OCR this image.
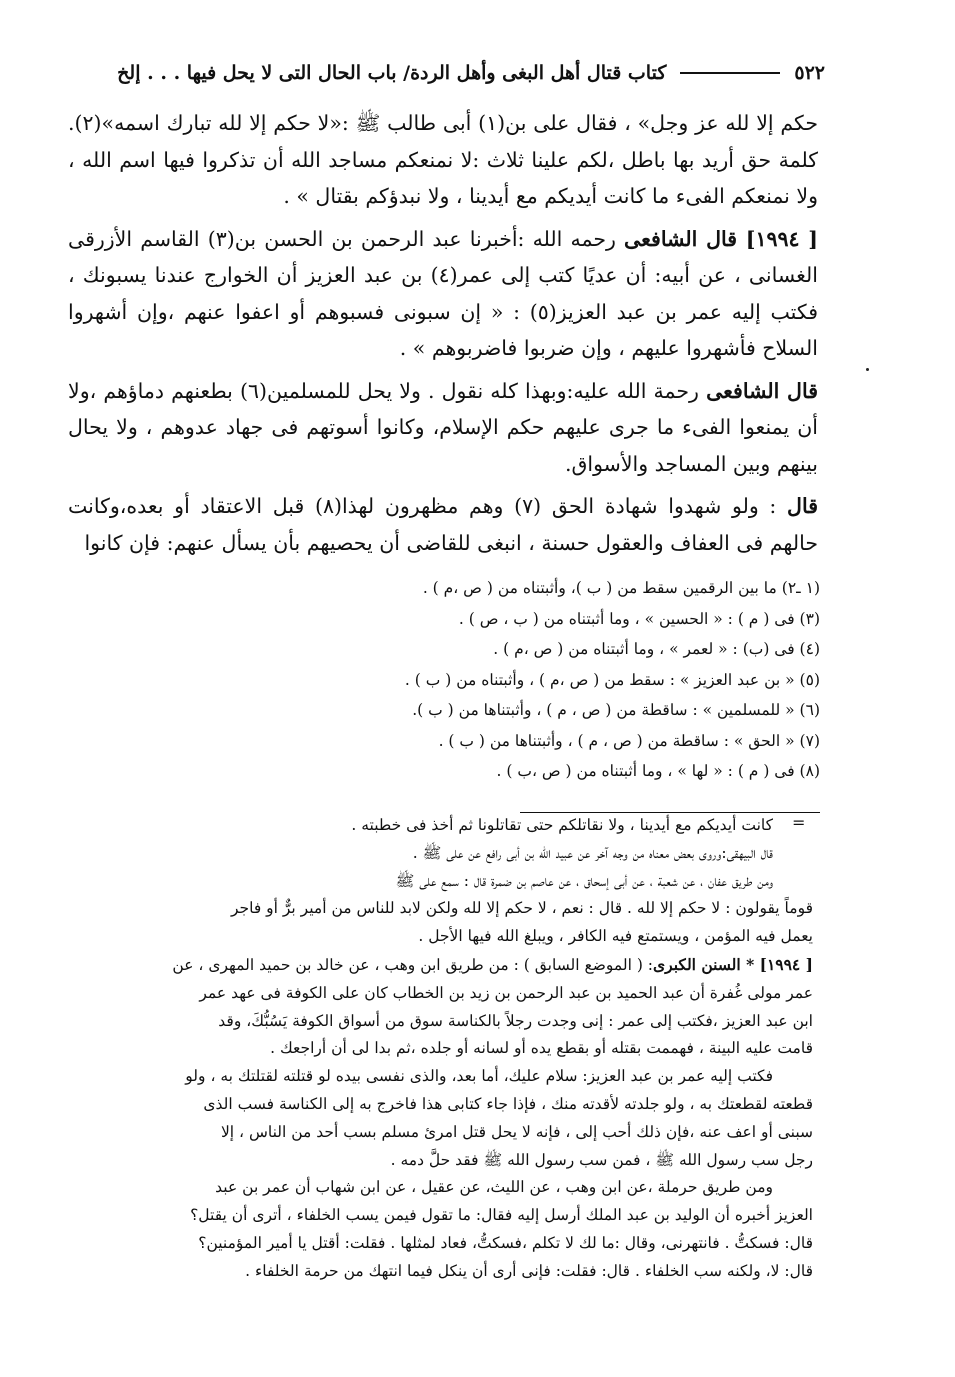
٥٢٢
كتاب قتال أهل البغى وأهل الردة/ باب الحال التى لا يحل فيها . . . إلخ

حكم إلا لله عز وجل» ، فقال على بن(١) أبى طالب ﷺ :«لا حكم إلا لله تبارك اسمه»(٢). كلمة حق أريد بها باطل ،لكم علينا ثلاث :لا نمنعكم مساجد الله أن تذكروا فيها اسم الله ، ولا نمنعكم الفىء ما كانت أيديكم مع أيدينا ، ولا نبدؤكم بقتال » .

[ ١٩٩٤] قال الشافعى رحمه الله :أخبرنا عبد الرحمن بن الحسن بن(٣) القاسم الأزرقى الغسانى ، عن أبيه: أن عديًا كتب إلى عمر(٤) بن عبد العزيز أن الخوارج عندنا يسبونك ، فكتب إليه عمر بن عبد العزيز(٥) : « إن سبونى فسبوهم أو اعفوا عنهم ،وإن أشهروا السلاح فأشهروا عليهم ، وإن ضربوا فاضربوهم » .

قال الشافعى رحمة الله عليه:وبهذا كله نقول . ولا يحل للمسلمين(٦) بطعنهم دماؤهم ،ولا أن يمنعوا الفىء ما جرى عليهم حكم الإسلام، وكانوا أسوتهم فى جهاد عدوهم ، ولا يحال بينهم وبين المساجد والأسواق.

قال : ولو شهدوا شهادة الحق (٧) وهم مظهرون لهذا(٨) قبل الاعتقاد أو بعده،وكانت حالهم فى العفاف والعقول حسنة ، انبغى للقاضى أن يحصيهم بأن يسأل عنهم: فإن كانوا

(١ ـ٢) ما بين الرقمين سقط من ( ب )، وأثبتناه من ( ص ،م ) .
(٣) فى ( م ) : « الحسين » ، وما أثبتناه من ( ب ، ص ) .
(٤) فى (ب) : « لعمر » ، وما أثبتناه من ( ص ،م ) .
(٥) « بن عبد العزيز » : سقط من ( ص ،م ) ، وأثبتناه من ( ب ) .
(٦) « للمسلمين » : ساقطة من ( ص ، م ) ، وأثبتناها من ( ب ).
(٧) « الحق » : ساقطة من ( ص ، م ) ، وأثبتناها من ( ب ) .
(٨) فى ( م ) : « لها » ، وما أثبتناه من ( ص ،ب ) .
=

كانت أيديكم مع أيدينا ، ولا نقاتلكم حتى تقاتلونا ثم أخذ فى خطبته .

قال البيهقى:وروى بعض معناه من وجه آخر عن عبيد الله بن أبى رافع عن على ﷺ .

ومن طريق عفان ، عن شعبة ، عن أبى إسحاق ، عن عاصم بن ضمرة قال : سمع على ﷺ

قوماً يقولون : لا حكم إلا لله . قال : نعم ، لا حكم إلا لله ولكن لابد للناس من أمير برٌّ أو فاجر

يعمل فيه المؤمن ، ويستمتع فيه الكافر ، ويبلغ الله فيها الأجل .

[ ١٩٩٤] * السنن الكبرى: ( الموضع السابق ) : من طريق ابن وهب ، عن خالد بن حميد المهرى ، عن

عمر مولى غُفرة أن عبد الحميد بن عبد الرحمن بن زيد بن الخطاب كان على الكوفة فى عهد عمر

ابن عبد العزيز ،فكتب إلى عمر : إنى وجدت رجلاً بالكناسة سوق من أسواق الكوفة يَسُبُّكَ، وقد

قامت عليه البينة ، فهممت بقتله أو بقطع يده أو لسانه أو جلده ،ثم بدا لى أن أراجعك .

فكتب إليه عمر بن عبد العزيز: سلام عليك، أما بعد، والذى نفسى بيده لو قتلته لقتلتك به ، ولو

قطعته لقطعتك به ، ولو جلدته لأقدته منك ، فإذا جاء كتابى هذا فاخرج به إلى الكناسة فسب الذى

سبنى أو اعف عنه ،فإن ذلك أحب إلى ، فإنه لا يحل قتل امرئ مسلم بسب أحد من الناس ، إلا

رجل سب رسول الله ﷺ ، فمن سب رسول الله ﷺ فقد حلَّ دمه .

ومن طريق حرملة ،عن ابن وهب ، عن الليث، عن عقيل ، عن ابن شهاب أن عمر بن عبد

العزيز أخبره أن الوليد بن عبد الملك أرسل إليه فقال: ما تقول فيمن يسب الخلفاء ، أترى أن يقتل؟

قال: فسكتُّ . فانتهرنى، وقال :ما لك لا تكلم ،فسكتُّ، فعاد لمثلها . فقلت: أقتل يا أمير المؤمنين؟

قال: لا، ولكنه سب الخلفاء . قال: فقلت: فإنى أرى أن ينكل فيما انتهك من حرمة الخلفاء .
